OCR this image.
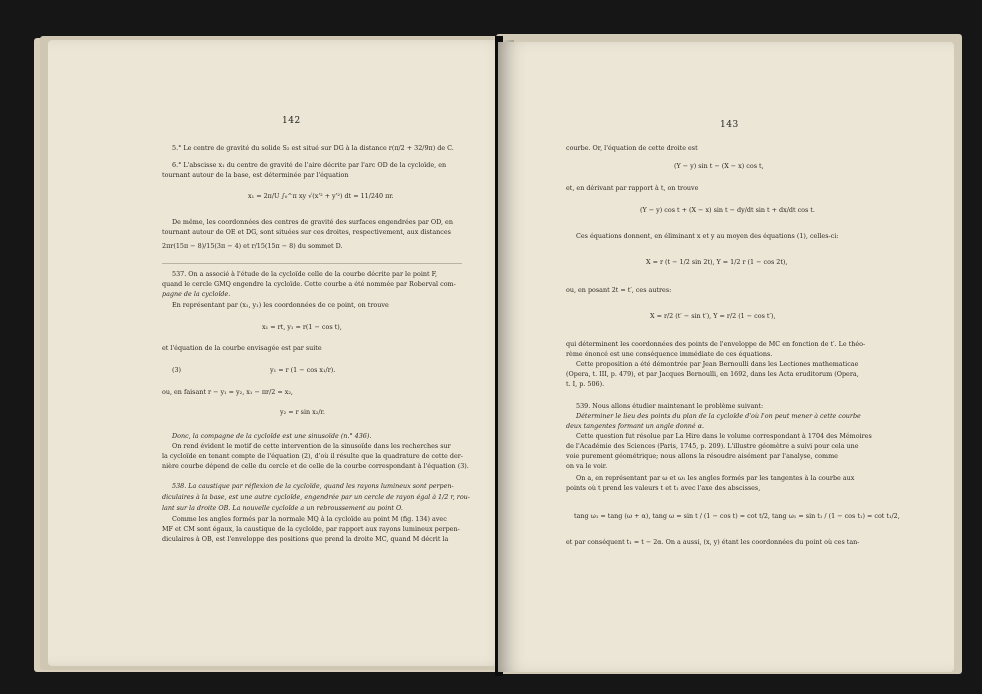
142
5.° Le centre de gravité du solide S₂ est situé sur DG à la distance r(π/2 + 32/9π) de C.
6.° L'abscisse x₁ du centre de gravité de l'aire décrite par l'arc OD de la cycloïde, en
tournant autour de la base, est déterminée par l'équation
x₁ = 2π/U ∫₀^π xy √(x'² + y'²) dt = 11/240 πr.
De même, les coordonnées des centres de gravité des surfaces engendrées par OD, en
tournant autour de OE et DG, sont situées sur ces droites, respectivement, aux distances
2πr(15π − 8)/15(3π − 4) et r/15(15π − 8) du sommet D.
537. On a associé à l'étude de la cycloïde celle de la courbe décrite par le point F,
quand le cercle GMQ engendre la cycloïde. Cette courbe a été nommée par Roberval com-
pagne de la cycloïde.
En représentant par (x₁, y₁) les coordonnées de ce point, on trouve
x₁ = rt, y₁ = r(1 − cos t),
et l'équation de la courbe envisagée est par suite
(3)	y₁ = r (1 − cos x₁/r).
ou, en faisant r − y₁ = y₂, x₁ − πr/2 = x₂,
y₂ = r sin x₂/r.
Donc, la compagne de la cycloïde est une sinusoïde (n.° 436).
On rend évident le motif de cette intervention de la sinusoïde dans les recherches sur
la cycloïde en tenant compte de l'équation (2), d'où il résulte que la quadrature de cette der-
nière courbe dépend de celle du cercle et de celle de la courbe correspondant à l'équation (3).
538. La caustique par réflexion de la cycloïde, quand les rayons lumineux sont perpen-
diculaires à la base, est une autre cycloïde, engendrée par un cercle de rayon égal à 1/2 r, rou-
lant sur la droite OB. La nouvelle cycloïde a un rebroussement au point O.
Comme les angles formés par la normale MQ à la cycloïde au point M (fig. 134) avec
MF et CM sont égaux, la caustique de la cycloïde, par rapport aux rayons lumineux perpen-
diculaires à OB, est l'enveloppe des positions que prend la droite MC, quand M décrit la
143
courbe. Or, l'équation de cette droite est
(Y − y) sin t − (X − x) cos t,
et, en dérivant par rapport à t, on trouve
(Y − y) cos t + (X − x) sin t − dy/dt sin t + dx/dt cos t.
Ces équations donnent, en éliminant x et y au moyen des équations (1), celles-ci:
X = r (t − 1/2 sin 2t), Y = 1/2 r (1 − cos 2t),
ou, en posant 2t = t′, ces autres:
X = r/2 (t′ − sin t′), Y = r/2 (1 − cos t′),
qui déterminent les coordonnées des points de l'enveloppe de MC en fonction de t′. Le théo-
rème énoncé est une conséquence immédiate de ces équations.
Cette proposition a été démontrée par Jean Bernoulli dans les Lectiones mathematicae
(Opera, t. III, p. 479), et par Jacques Bernoulli, en 1692, dans les Acta eruditorum (Opera,
t. I, p. 506).
539. Nous allons étudier maintenant le problème suivant:
Déterminer le lieu des points du plan de la cycloïde d'où l'on peut mener à cette courbe
deux tangentes formant un angle donné α.
Cette question fut résolue par La Hire dans le volume correspondant à 1704 des Mémoires
de l'Académie des Sciences (Paris, 1745, p. 209). L'illustre géomètre a suivi pour cela une
voie purement géométrique; nous allons la résoudre aisément par l'analyse, comme
on va le voir.
On a, en représentant par ω et ω₁ les angles formés par les tangentes à la courbe aux
points où t prend les valeurs t et t₁ avec l'axe des abscisses,
tang ω₁ = tang (ω + α), tang ω = sin t / (1 − cos t) = cot t/2, tang ω₁ = sin t₁ / (1 − cos t₁) = cot t₁/2,
et par conséquent t₁ = t − 2α. On a aussi, (x, y) étant les coordonnées du point où ces tan-
